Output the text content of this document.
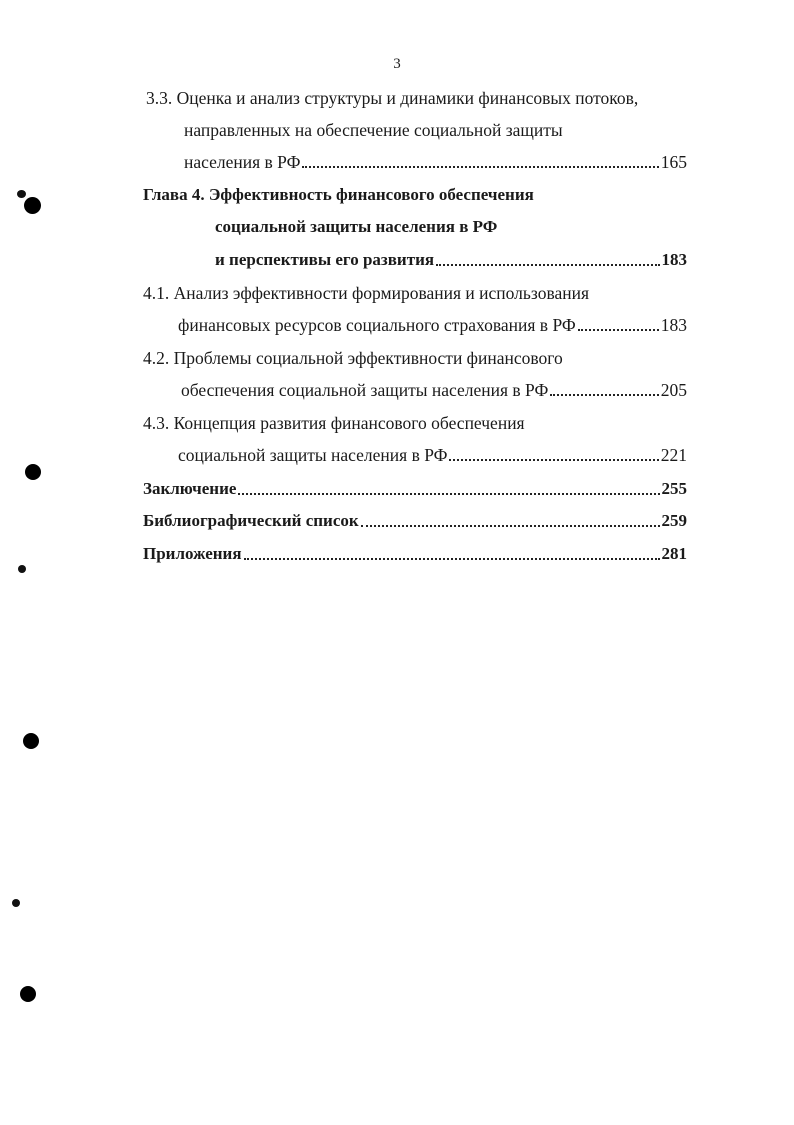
3
3.3. Оценка и анализ структуры и динамики финансовых потоков,
направленных на обеспечение социальной защиты
населения в РФ	165
Глава 4. Эффективность финансового обеспечения
социальной защиты населения в РФ
и перспективы его развития	183
4.1. Анализ эффективности формирования и использования
финансовых ресурсов социального страхования в РФ	183
4.2. Проблемы социальной эффективности финансового
обеспечения социальной защиты населения в РФ	205
4.3. Концепция развития финансового обеспечения
социальной защиты населения в РФ	221
Заключение	255
Библиографический список	259
Приложения	281
